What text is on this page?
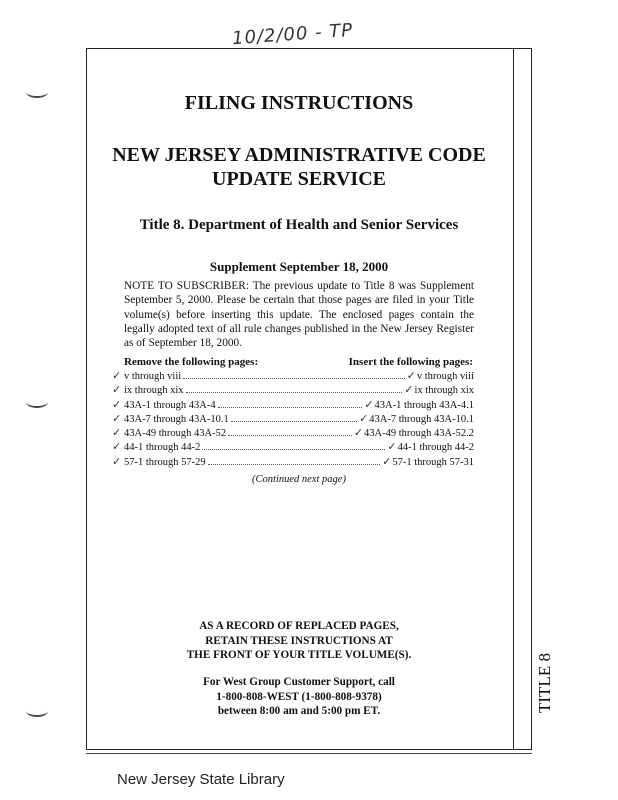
10/2/00 - TP
TITLE 8
FILING INSTRUCTIONS
NEW JERSEY ADMINISTRATIVE CODE
UPDATE SERVICE
Title 8. Department of Health and Senior Services
Supplement September 18, 2000
NOTE TO SUBSCRIBER: The previous update to Title 8 was Supplement September 5, 2000. Please be certain that those pages are filed in your Title volume(s) before inserting this update. The enclosed pages contain the legally adopted text of all rule changes published in the New Jersey Register as of September 18, 2000.
Remove the following pages:	Insert the following pages:
✓ v through viii	✓ v through viii
✓ ix through xix	✓ ix through xix
✓ 43A-1 through 43A-4	✓ 43A-1 through 43A-4.1
✓ 43A-7 through 43A-10.1	✓ 43A-7 through 43A-10.1
✓ 43A-49 through 43A-52	✓ 43A-49 through 43A-52.2
✓ 44-1 through 44-2	✓ 44-1 through 44-2
✓ 57-1 through 57-29	✓ 57-1 through 57-31
(Continued next page)
AS A RECORD OF REPLACED PAGES,
RETAIN THESE INSTRUCTIONS AT
THE FRONT OF YOUR TITLE VOLUME(S).
For West Group Customer Support, call
1-800-808-WEST (1-800-808-9378)
between 8:00 am and 5:00 pm ET.
New Jersey State Library
